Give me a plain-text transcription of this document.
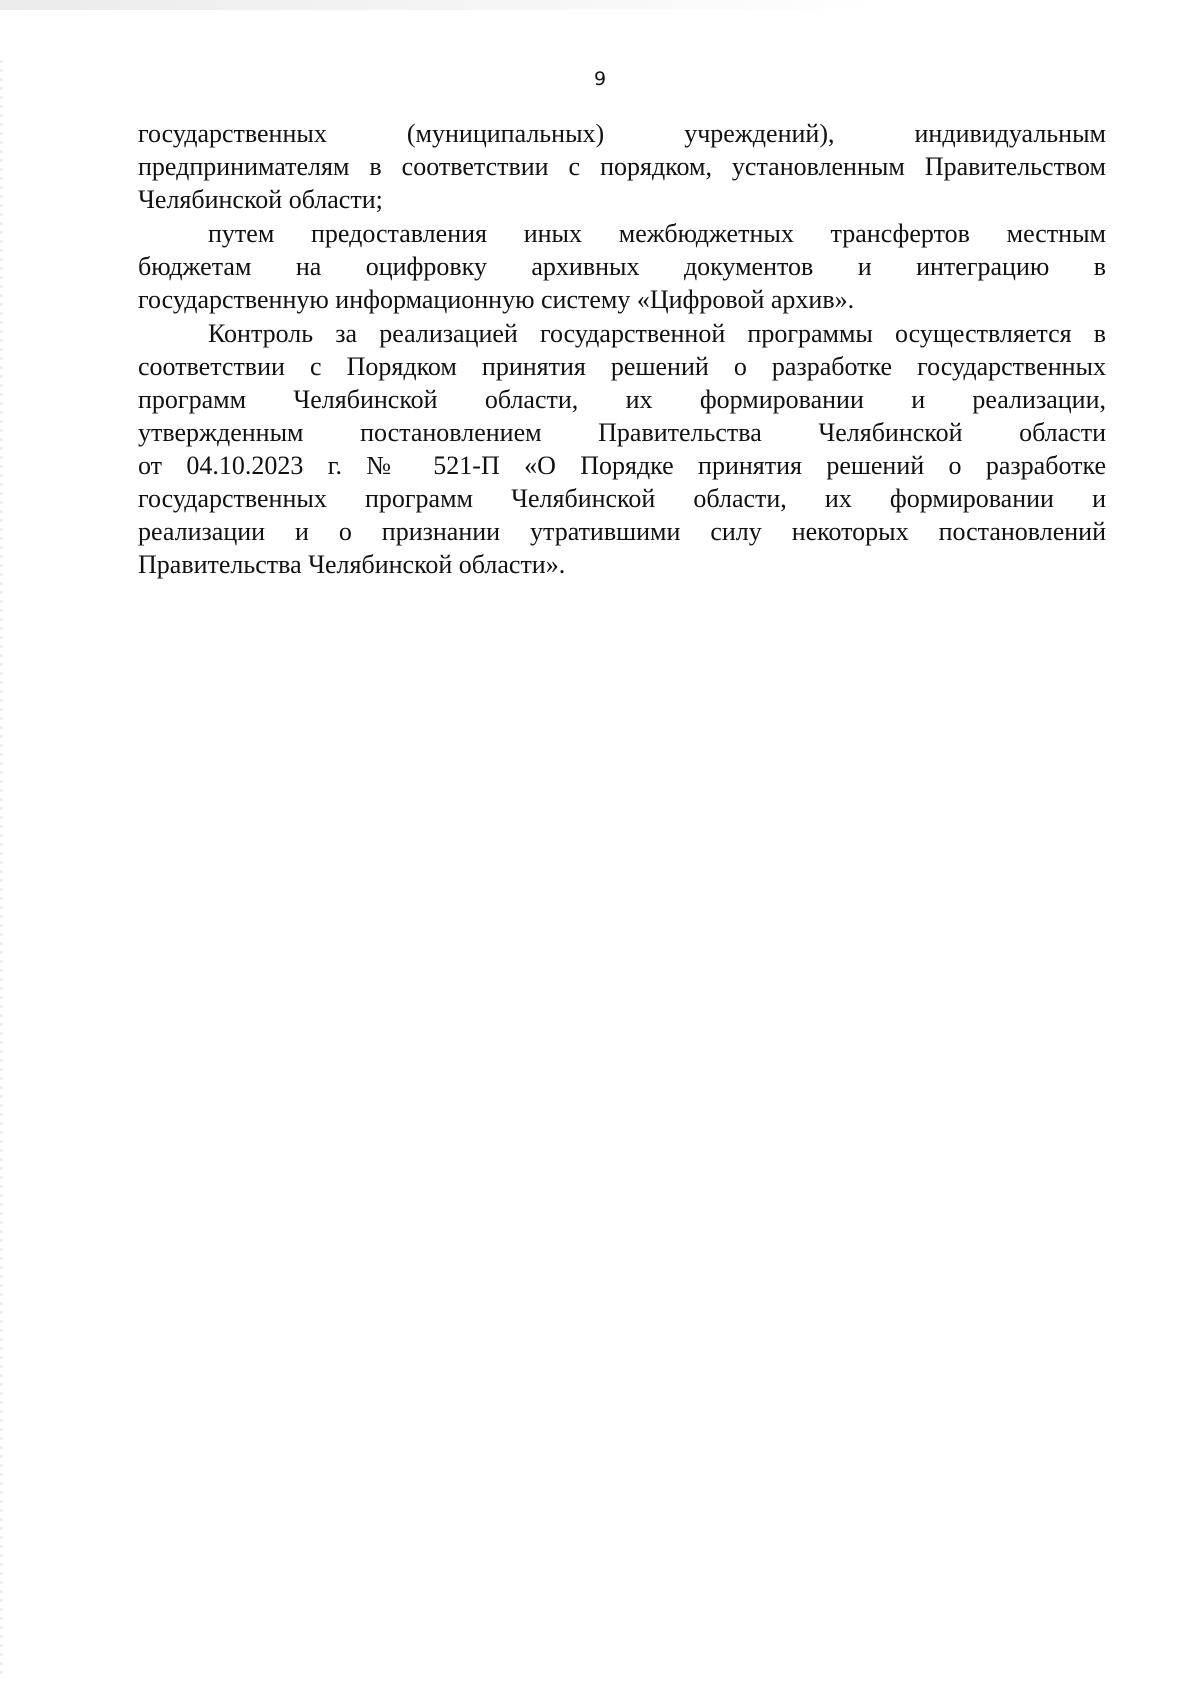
9
государственных (муниципальных) учреждений), индивидуальным
предпринимателям в соответствии с порядком, установленным Правительством
Челябинской области;
путем предоставления иных межбюджетных трансфертов местным
бюджетам на оцифровку архивных документов и интеграцию в
государственную информационную систему «Цифровой архив».
Контроль за реализацией государственной программы осуществляется в
соответствии с Порядком принятия решений о разработке государственных
программ Челябинской области, их формировании и реализации,
утвержденным постановлением Правительства Челябинской области
от 04.10.2023 г. № 521-П «О Порядке принятия решений о разработке
государственных программ Челябинской области, их формировании и
реализации и о признании утратившими силу некоторых постановлений
Правительства Челябинской области».
